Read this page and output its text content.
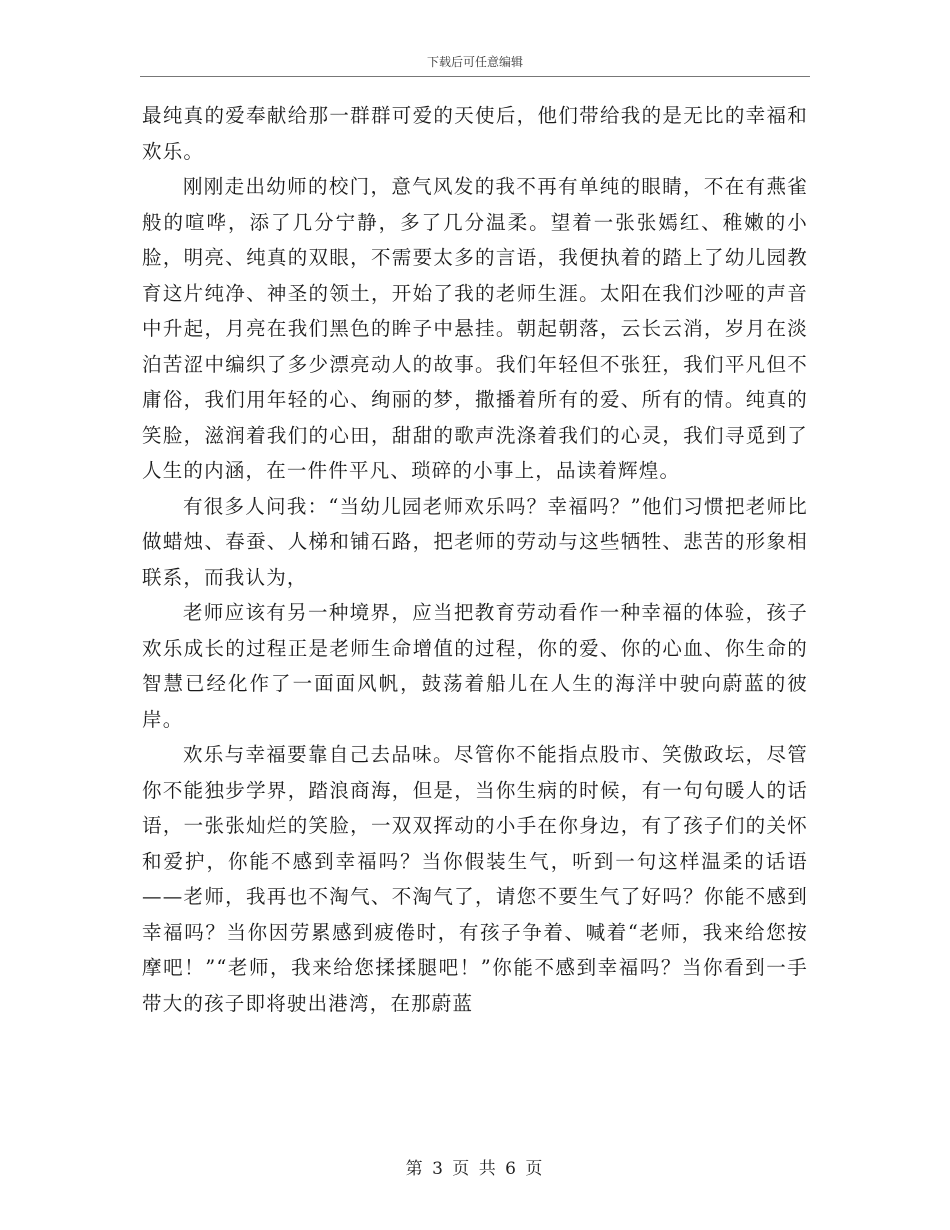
下载后可任意编辑

最纯真的爱奉献给那一群群可爱的天使后，他们带给我的是无比的幸福和欢乐。

刚刚走出幼师的校门，意气风发的我不再有单纯的眼睛，不在有燕雀般的喧哗，添了几分宁静，多了几分温柔。望着一张张嫣红、稚嫩的小脸，明亮、纯真的双眼，不需要太多的言语，我便执着的踏上了幼儿园教育这片纯净、神圣的领土，开始了我的老师生涯。太阳在我们沙哑的声音中升起，月亮在我们黑色的眸子中悬挂。朝起朝落，云长云消，岁月在淡泊苦涩中编织了多少漂亮动人的故事。我们年轻但不张狂，我们平凡但不庸俗，我们用年轻的心、绚丽的梦，撒播着所有的爱、所有的情。纯真的笑脸，滋润着我们的心田，甜甜的歌声洗涤着我们的心灵，我们寻觅到了人生的内涵，在一件件平凡、琐碎的小事上，品读着辉煌。

有很多人问我：“当幼儿园老师欢乐吗？幸福吗？”他们习惯把老师比做蜡烛、春蚕、人梯和铺石路，把老师的劳动与这些牺牲、悲苦的形象相联系，而我认为，

老师应该有另一种境界，应当把教育劳动看作一种幸福的体验，孩子欢乐成长的过程正是老师生命增值的过程，你的爱、你的心血、你生命的智慧已经化作了一面面风帆，鼓荡着船儿在人生的海洋中驶向蔚蓝的彼岸。

欢乐与幸福要靠自己去品味。尽管你不能指点股市、笑傲政坛，尽管你不能独步学界，踏浪商海，但是，当你生病的时候，有一句句暖人的话语，一张张灿烂的笑脸，一双双挥动的小手在你身边，有了孩子们的关怀和爱护，你能不感到幸福吗？当你假装生气，听到一句这样温柔的话语——老师，我再也不淘气、不淘气了，请您不要生气了好吗？你能不感到幸福吗？当你因劳累感到疲倦时，有孩子争着、喊着“老师，我来给您按摩吧！”“老师，我来给您揉揉腿吧！”你能不感到幸福吗？当你看到一手带大的孩子即将驶出港湾，在那蔚蓝

第 3 页 共 6 页
